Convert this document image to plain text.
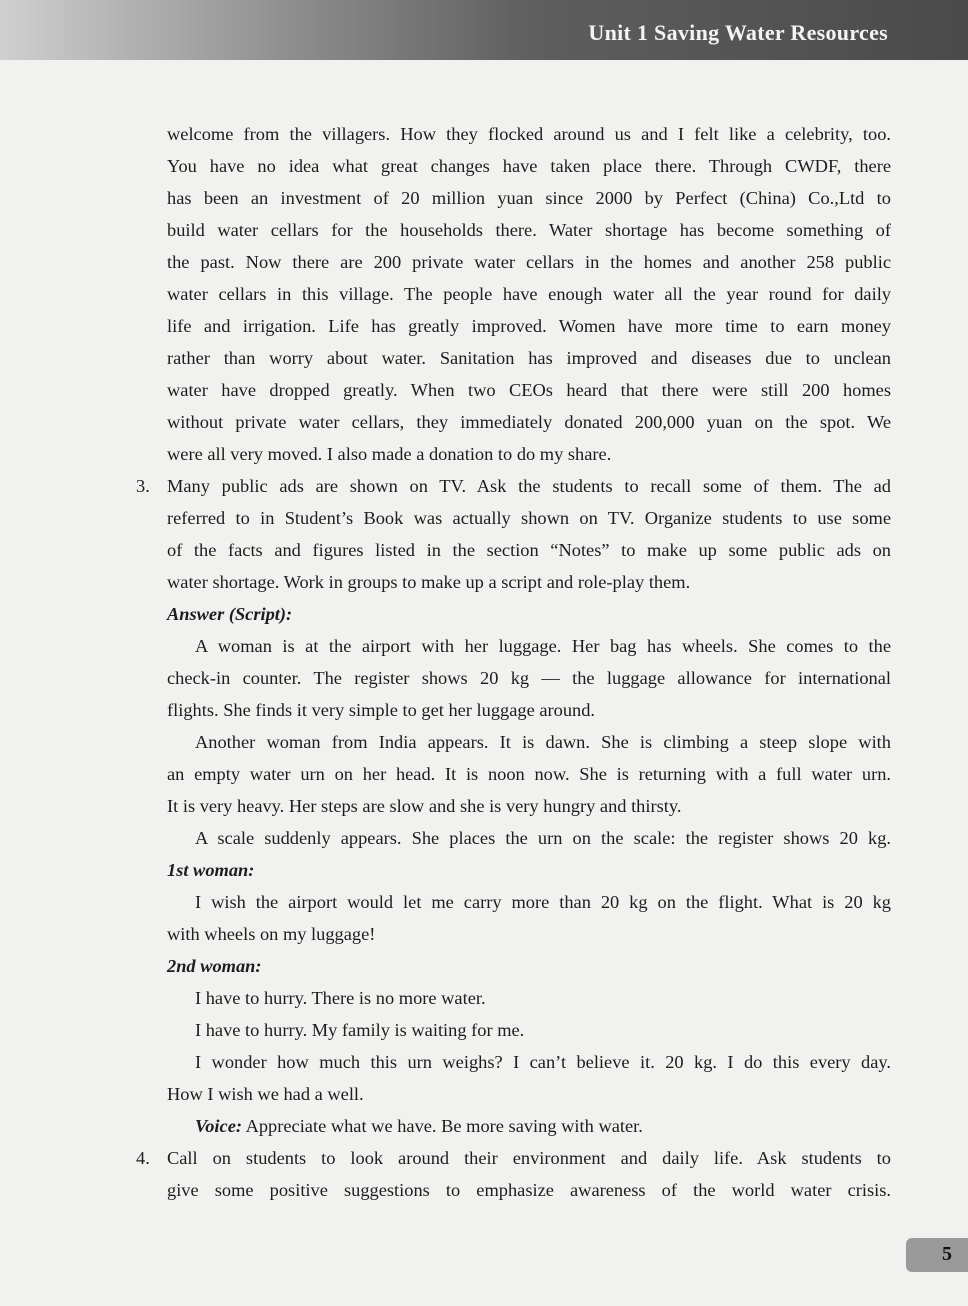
Unit 1 Saving Water Resources
welcome from the villagers. How they flocked around us and I felt like a celebrity, too.
You have no idea what great changes have taken place there. Through CWDF, there
has been an investment of 20 million yuan since 2000 by Perfect (China) Co.,Ltd to
build water cellars for the households there. Water shortage has become something of
the past. Now there are 200 private water cellars in the homes and another 258 public
water cellars in this village. The people have enough water all the year round for daily
life and irrigation. Life has greatly improved. Women have more time to earn money
rather than worry about water. Sanitation has improved and diseases due to unclean
water have dropped greatly. When two CEOs heard that there were still 200 homes
without private water cellars, they immediately donated 200,000 yuan on the spot. We
were all very moved. I also made a donation to do my share.
3. Many public ads are shown on TV. Ask the students to recall some of them. The ad
referred to in Student’s Book was actually shown on TV. Organize students to use some
of the facts and figures listed in the section “Notes” to make up some public ads on
water shortage. Work in groups to make up a script and role-play them.
Answer (Script):
A woman is at the airport with her luggage. Her bag has wheels. She comes to the
check-in counter. The register shows 20 kg — the luggage allowance for international
flights. She finds it very simple to get her luggage around.
Another woman from India appears. It is dawn. She is climbing a steep slope with
an empty water urn on her head. It is noon now. She is returning with a full water urn.
It is very heavy. Her steps are slow and she is very hungry and thirsty.
A scale suddenly appears. She places the urn on the scale: the register shows 20 kg.
1st woman:
I wish the airport would let me carry more than 20 kg on the flight. What is 20 kg
with wheels on my luggage!
2nd woman:
I have to hurry. There is no more water.
I have to hurry. My family is waiting for me.
I wonder how much this urn weighs? I can’t believe it. 20 kg. I do this every day.
How I wish we had a well.
Voice: Appreciate what we have. Be more saving with water.
4. Call on students to look around their environment and daily life. Ask students to
give some positive suggestions to emphasize awareness of the world water crisis.
5
